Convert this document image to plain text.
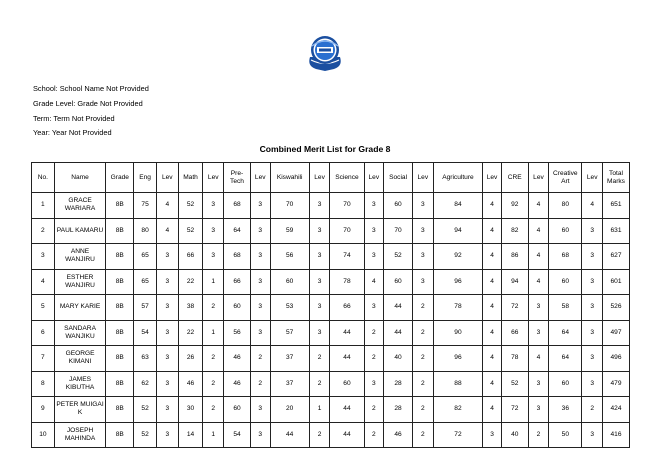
School: School Name Not Provided
Grade Level: Grade Not Provided
Term: Term Not Provided
Year: Year Not Provided
Combined Merit List for Grade 8
No.	Name	Grade	Eng	Lev	Math	Lev	Pre-Tech	Lev	Kiswahili	Lev	Science	Lev	Social	Lev	Agriculture	Lev	CRE	Lev	Creative Art	Lev	Total Marks
1	GRACE WARIARA	8B	75	4	52	3	68	3	70	3	70	3	60	3	84	4	92	4	80	4	651
2	PAUL KAMARU	8B	80	4	52	3	64	3	59	3	70	3	70	3	94	4	82	4	60	3	631
3	ANNE WANJIRU	8B	65	3	66	3	68	3	56	3	74	3	52	3	92	4	86	4	68	3	627
4	ESTHER WANJIRU	8B	65	3	22	1	66	3	60	3	78	4	60	3	96	4	94	4	60	3	601
5	MARY KARIE	8B	57	3	38	2	60	3	53	3	66	3	44	2	78	4	72	3	58	3	526
6	SANDARA WANJIKU	8B	54	3	22	1	56	3	57	3	44	2	44	2	90	4	66	3	64	3	497
7	GEORGE KIMANI	8B	63	3	26	2	46	2	37	2	44	2	40	2	96	4	78	4	64	3	496
8	JAMES KIBUTHA	8B	62	3	46	2	46	2	37	2	60	3	28	2	88	4	52	3	60	3	479
9	PETER MUIGAI K	8B	52	3	30	2	60	3	20	1	44	2	28	2	82	4	72	3	36	2	424
10	JOSEPH MAHINDA	8B	52	3	14	1	54	3	44	2	44	2	46	2	72	3	40	2	50	3	416
